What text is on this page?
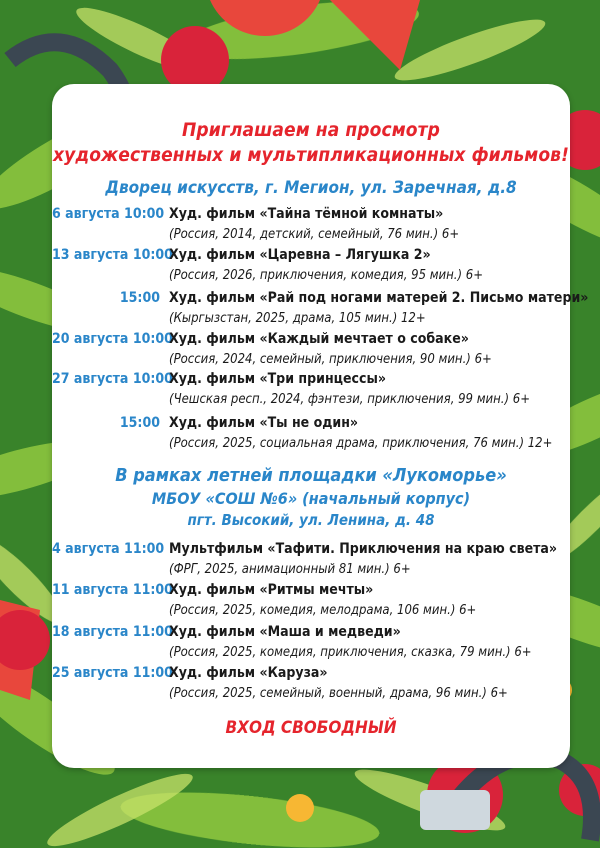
Приглашаем на просмотр
художественных и мультипликационных фильмов!
Дворец искусств, г. Мегион, ул. Заречная, д.8
6 августа 10:00 Худ. фильм «Тайна тёмной комнаты»
(Россия, 2014, детский, семейный, 76 мин.) 6+
13 августа 10:00
Худ. фильм «Царевна – Лягушка 2»
(Россия, 2026, приключения, комедия, 95 мин.) 6+
15:00 Худ. фильм «Рай под ногами матерей 2. Письмо матери»
(Кыргызстан, 2025, драма, 105 мин.) 12+
20 августа 10:00
Худ. фильм «Каждый мечтает о собаке»
(Россия, 2024, семейный, приключения, 90 мин.) 6+
27 августа 10:00
Худ. фильм «Три принцессы»
(Чешская респ., 2024, фэнтези, приключения, 99 мин.) 6+
15:00 Худ. фильм «Ты не один»
(Россия, 2025, социальная драма, приключения, 76 мин.) 12+
В рамках летней площадки «Лукоморье»
МБОУ «СОШ №6» (начальный корпус)
пгт. Высокий, ул. Ленина, д. 48
4 августа 11:00 Мультфильм «Тафити. Приключения на краю света»
(ФРГ, 2025, анимационный 81 мин.) 6+
11 августа 11:00
Худ. фильм «Ритмы мечты»
(Россия, 2025, комедия, мелодрама, 106 мин.) 6+
18 августа 11:00
Худ. фильм «Маша и медведи»
(Россия, 2025, комедия, приключения, сказка, 79 мин.) 6+
25 августа 11:00
Худ. фильм «Каруза»
(Россия, 2025, семейный, военный, драма, 96 мин.) 6+
ВХОД СВОБОДНЫЙ
